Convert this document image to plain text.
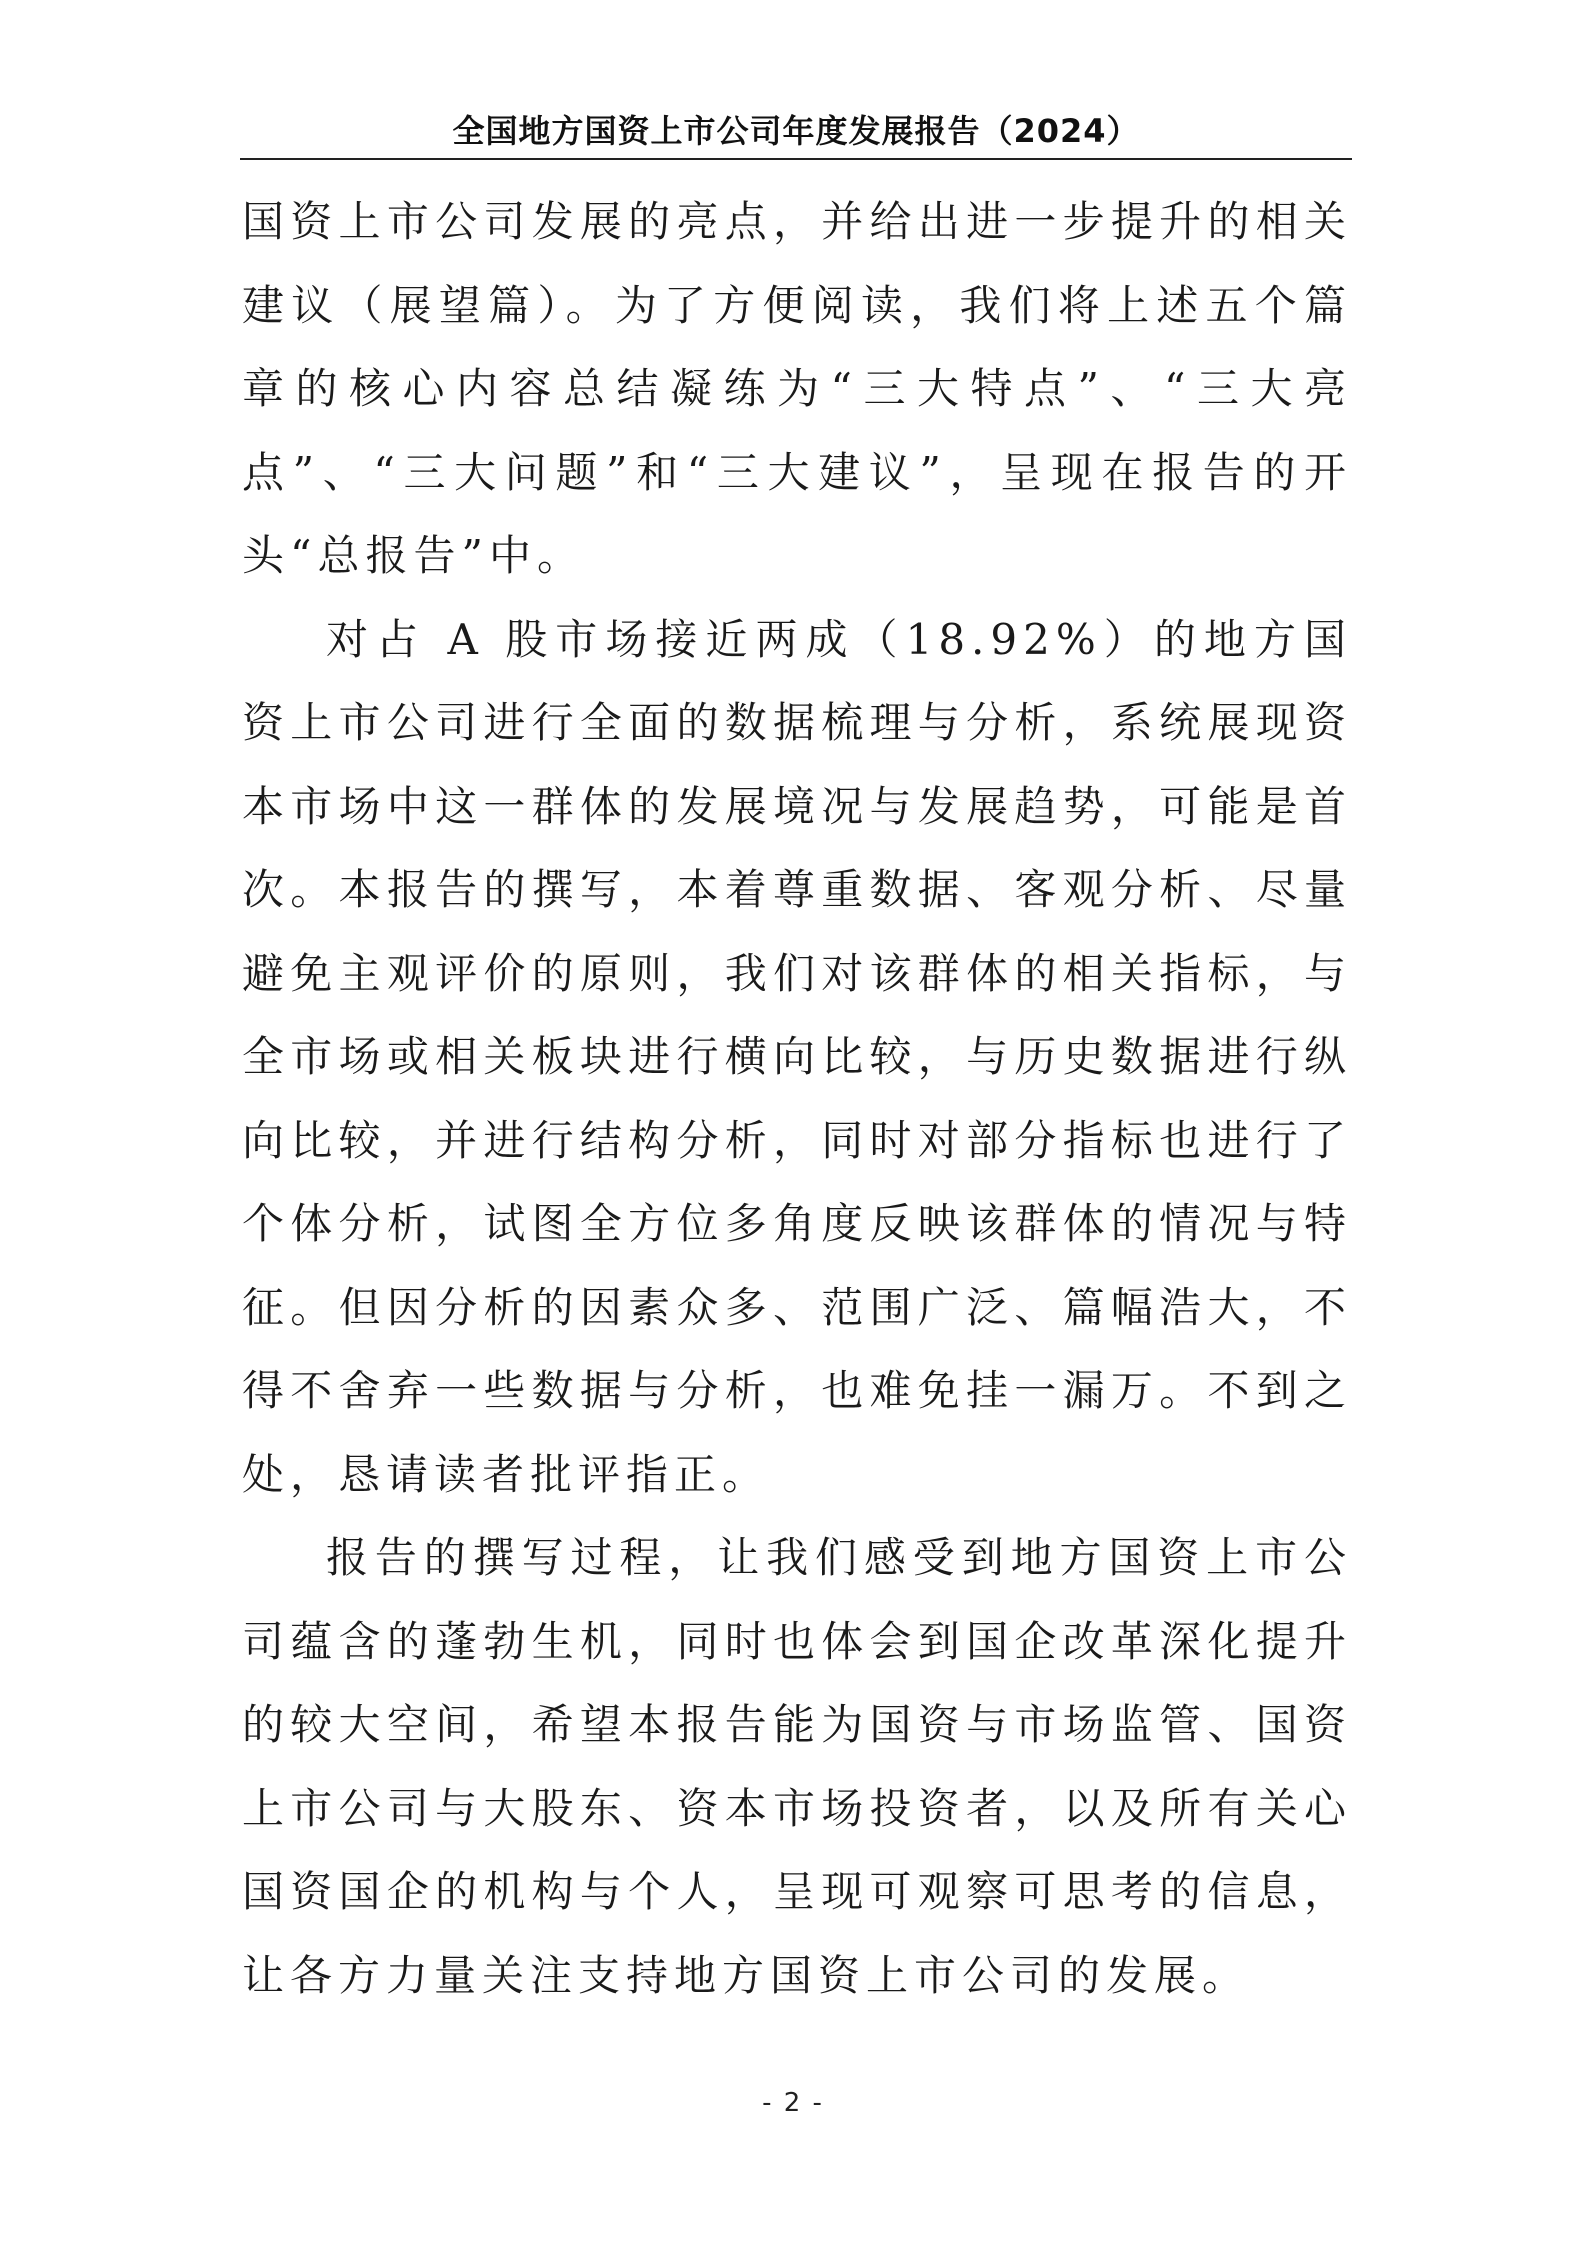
全国地方国资上市公司年度发展报告（2024）

国资上市公司发展的亮点，并给出进一步提升的相关建议（展望篇）。为了方便阅读，我们将上述五个篇章的核心内容总结凝练为“三大特点”、“三大亮点”、“三大问题”和“三大建议”，呈现在报告的开头“总报告”中。

对占 A 股市场接近两成（18.92%）的地方国资上市公司进行全面的数据梳理与分析，系统展现资本市场中这一群体的发展境况与发展趋势，可能是首次。本报告的撰写，本着尊重数据、客观分析、尽量避免主观评价的原则，我们对该群体的相关指标，与全市场或相关板块进行横向比较，与历史数据进行纵向比较，并进行结构分析，同时对部分指标也进行了个体分析，试图全方位多角度反映该群体的情况与特征。但因分析的因素众多、范围广泛、篇幅浩大，不得不舍弃一些数据与分析，也难免挂一漏万。不到之处，恳请读者批评指正。

报告的撰写过程，让我们感受到地方国资上市公司蕴含的蓬勃生机，同时也体会到国企改革深化提升的较大空间，希望本报告能为国资与市场监管、国资上市公司与大股东、资本市场投资者，以及所有关心国资国企的机构与个人，呈现可观察可思考的信息，让各方力量关注支持地方国资上市公司的发展。

- 2 -
